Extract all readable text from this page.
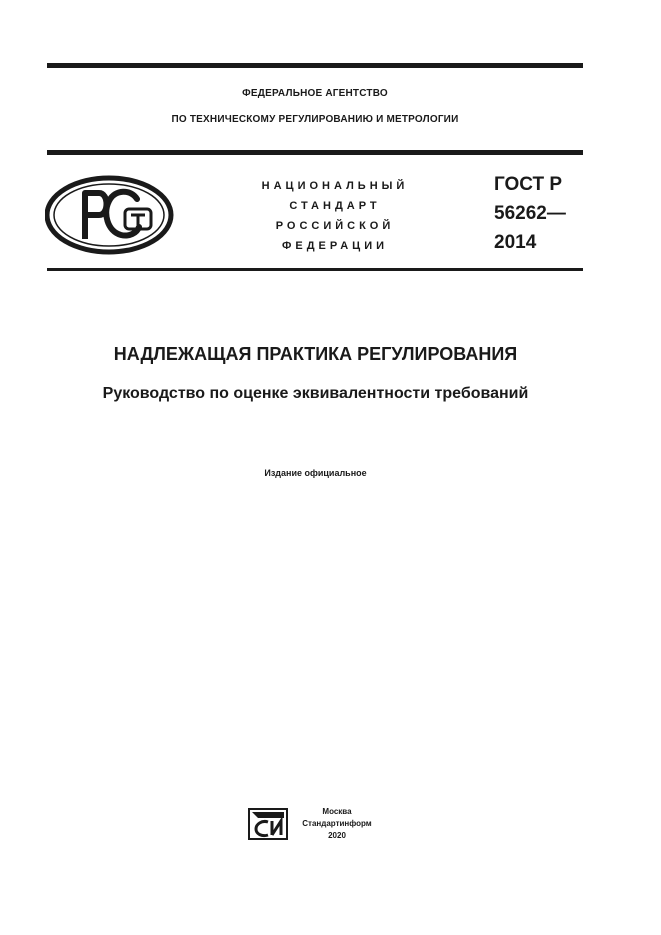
ФЕДЕРАЛЬНОЕ АГЕНТСТВО
ПО ТЕХНИЧЕСКОМУ РЕГУЛИРОВАНИЮ И МЕТРОЛОГИИ
НАЦИОНАЛЬНЫЙ
СТАНДАРТ
РОССИЙСКОЙ
ФЕДЕРАЦИИ
ГОСТ Р
56262—
2014
НАДЛЕЖАЩАЯ ПРАКТИКА РЕГУЛИРОВАНИЯ
Руководство по оценке эквивалентности требований
Издание официальное
Москва
Стандартинформ
2020
